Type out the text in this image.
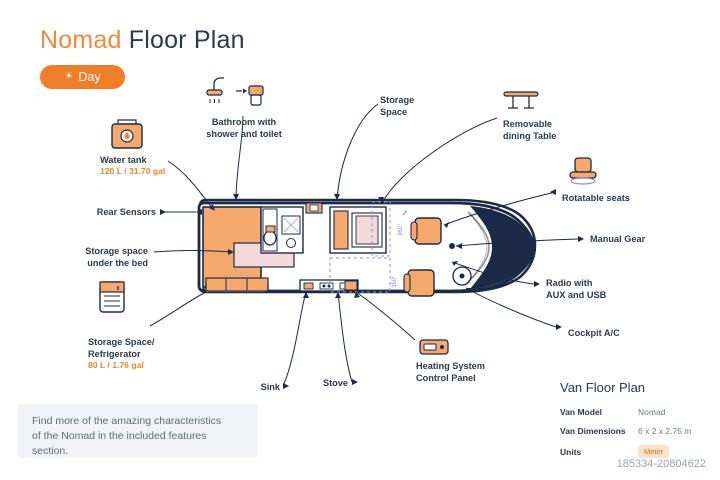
Nomad Floor Plan
☀ Day
360°
360°
Bathroom with
shower and toilet
Storage
Space
Removable
dining Table
Water tank
120 L / 31.70 gal
Rotatable seats
Rear Sensors
Manual Gear
Storage space
under the bed
Radio with
AUX and USB
Storage Space/
Refrigerator
80 L / 1.76 gal
Cockpit A/C
Sink	Stove
Heating System
Control Panel
Find more of the amazing characteristics
of the Nomad in the included features section.
Van Floor Plan
Van Model	Nomad
Van Dimensions	6 x 2 x 2.75 m
Units	Meter
185334-20804622
